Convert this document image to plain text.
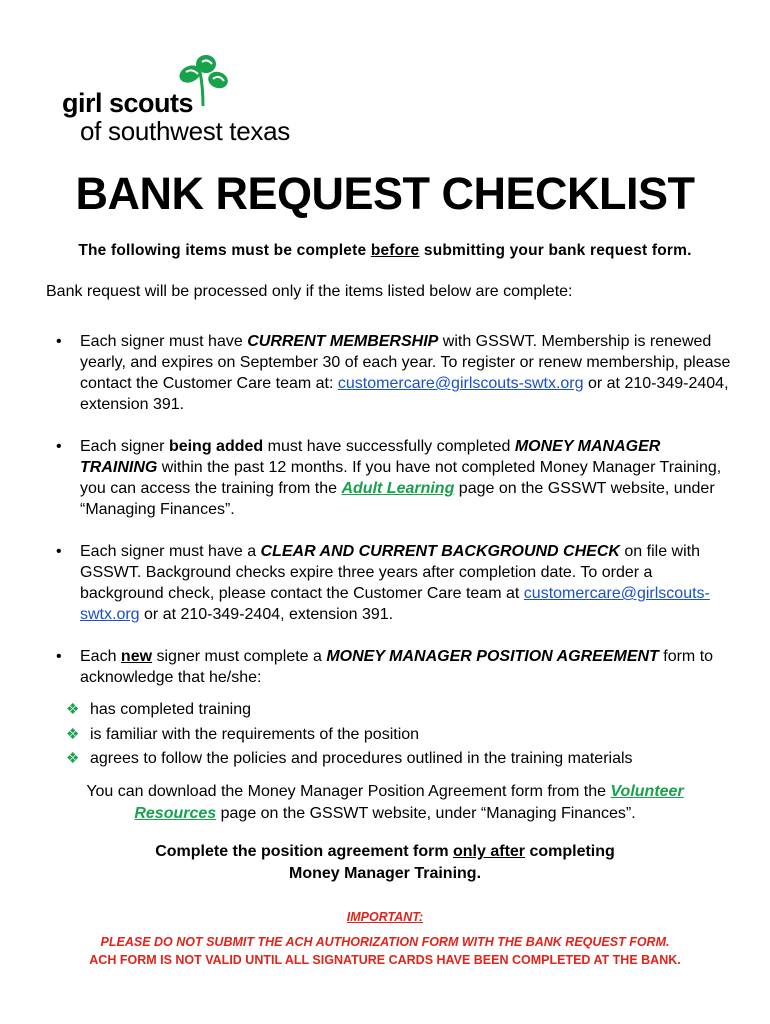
girl scouts
of southwest texas
BANK REQUEST CHECKLIST
The following items must be complete before submitting your bank request form.
Bank request will be processed only if the items listed below are complete:
• Each signer must have CURRENT MEMBERSHIP with GSSWT. Membership is renewed yearly, and expires on September 30 of each year. To register or renew membership, please contact the Customer Care team at: customercare@girlscouts-swtx.org or at 210-349-2404, extension 391.
• Each signer being added must have successfully completed MONEY MANAGER TRAINING within the past 12 months. If you have not completed Money Manager Training, you can access the training from the Adult Learning page on the GSSWT website, under “Managing Finances”.
• Each signer must have a CLEAR AND CURRENT BACKGROUND CHECK on file with GSSWT. Background checks expire three years after completion date. To order a background check, please contact the Customer Care team at customercare@girlscouts-swtx.org or at 210-349-2404, extension 391.
• Each new signer must complete a MONEY MANAGER POSITION AGREEMENT form to acknowledge that he/she:
❖ has completed training
❖ is familiar with the requirements of the position
❖ agrees to follow the policies and procedures outlined in the training materials
You can download the Money Manager Position Agreement form from the Volunteer Resources page on the GSSWT website, under “Managing Finances”.
Complete the position agreement form only after completing
Money Manager Training.
IMPORTANT:
PLEASE DO NOT SUBMIT THE ACH AUTHORIZATION FORM WITH THE BANK REQUEST FORM.
ACH FORM IS NOT VALID UNTIL ALL SIGNATURE CARDS HAVE BEEN COMPLETED AT THE BANK.
